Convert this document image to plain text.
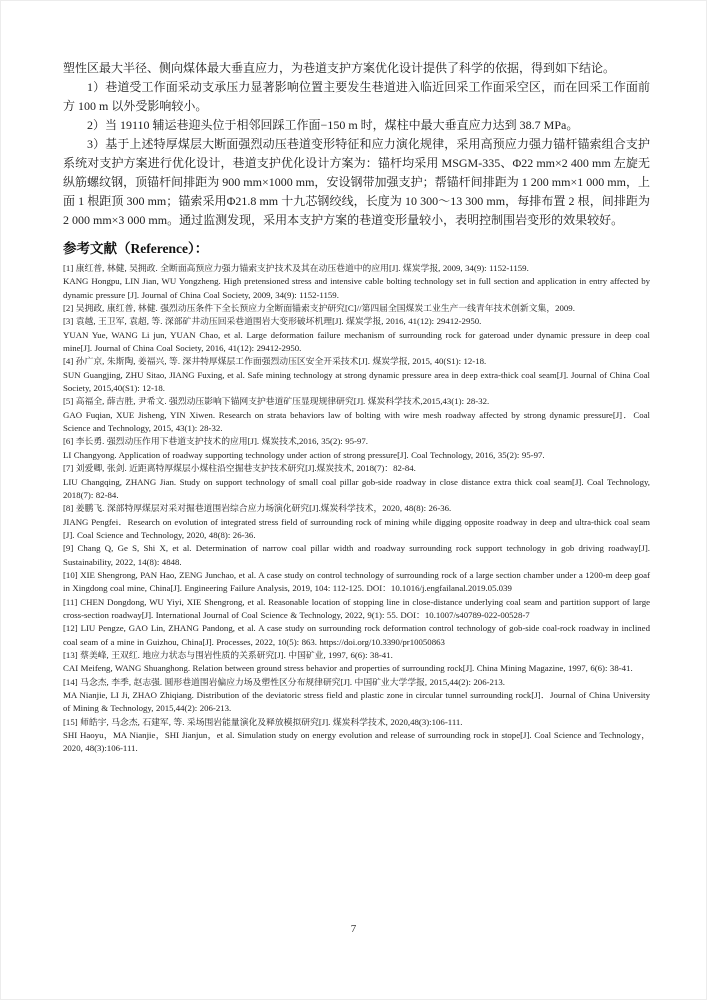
塑性区最大半径、侧向煤体最大垂直应力，为巷道支护方案优化设计提供了科学的依据，得到如下结论。

1）巷道受工作面采动支承压力显著影响位置主要发生巷道进入临近回采工作面采空区，而在回采工作面前方 100 m 以外受影响较小。

2）当 19110 辅运巷迎头位于相邻回踩工作面−150 m 时，煤柱中最大垂直应力达到 38.7 MPa。

3）基于上述特厚煤层大断面强烈动压巷道变形特征和应力演化规律，采用高预应力强力锚杆锚索组合支护系统对支护方案进行优化设计，巷道支护优化设计方案为：锚杆均采用 MSGM-335、Φ22 mm×2 400 mm 左旋无纵筋螺纹钢，顶锚杆间排距为 900 mm×1000 mm，安设钢带加强支护；帮锚杆间排距为 1 200 mm×1 000 mm，上面 1 根距顶 300 mm；锚索采用Φ21.8 mm 十九芯钢绞线，长度为 10 300～13 300 mm，每排布置 2 根，间排距为 2 000 mm×3 000 mm。通过监测发现，采用本支护方案的巷道变形量较小，表明控制围岩变形的效果较好。

参考文献（Reference）：

[1] 康红普, 林健, 吴拥政. 全断面高预应力强力锚索支护技术及其在动压巷道中的应用[J]. 煤炭学报, 2009, 34(9): 1152-1159.

KANG Hongpu, LIN Jian, WU Yongzheng. High pretensioned stress and intensive cable bolting technology set in full section and application in entry affected by dynamic pressure [J]. Journal of China Coal Society, 2009, 34(9): 1152-1159.

[2] 吴拥政, 康红普, 林健. 强烈动压条件下全长预应力全断面锚索支护研究[C]//第四届全国煤炭工业生产一线青年技术创新文集，2009.

[3] 袁越, 王卫军, 袁超, 等. 深部矿井动压回采巷道围岩大变形破坏机理[J]. 煤炭学报, 2016, 41(12): 29412-2950.

YUAN Yue, WANG Li jun, YUAN Chao, et al. Large deformation failure mechanism of surrounding rock for gateroad under dynamic pressure in deep coal mine[J]. Journal of China Coal Society, 2016, 41(12): 29412-2950.

[4] 孙广京, 朱斯陶, 姜福兴, 等. 深井特厚煤层工作面强烈动压区安全开采技术[J]. 煤炭学报, 2015, 40(S1): 12-18.

SUN Guangjing, ZHU Sitao, JIANG Fuxing, et al. Safe mining technology at strong dynamic pressure area in deep extra-thick coal seam[J]. Journal of China Coal Society, 2015,40(S1): 12-18.

[5] 高福全, 薛吉胜, 尹希文. 强烈动压影响下锚网支护巷道矿压显现规律研究[J]. 煤炭科学技术,2015,43(1): 28-32.

GAO Fuqian, XUE Jisheng, YIN Xiwen. Research on strata behaviors law of bolting with wire mesh roadway affected by strong dynamic pressure[J]．Coal Science and Technology, 2015, 43(1): 28-32.

[6] 李长勇. 强烈动压作用下巷道支护技术的应用[J]. 煤炭技术,2016, 35(2): 95-97.

LI Changyong. Application of roadway supporting technology under action of strong pressure[J]. Coal Technology, 2016, 35(2): 95-97.

[7] 刘爱卿, 张剑. 近距离特厚煤层小煤柱沿空掘巷支护技术研究[J].煤炭技术, 2018(7)：82-84.

LIU Changqing, ZHANG Jian. Study on support technology of small coal pillar gob-side roadway in close distance extra thick coal seam[J]. Coal Technology, 2018(7): 82-84.

[8] 姜鹏飞. 深部特厚煤层对采对掘巷道围岩综合应力场演化研究[J].煤炭科学技术，2020, 48(8): 26-36.

JIANG Pengfei．Research on evolution of integrated stress field of surrounding rock of mining while digging opposite roadway in deep and ultra-thick coal seam [J]. Coal Science and Technology, 2020, 48(8): 26-36.

[9] Chang Q, Ge S, Shi X, et al. Determination of narrow coal pillar width and roadway surrounding rock support technology in gob driving roadway[J]. Sustainability, 2022, 14(8): 4848.

[10] XIE Shengrong, PAN Hao, ZENG Junchao, et al. A case study on control technology of surrounding rock of a large section chamber under a 1200-m deep goaf in Xingdong coal mine, China[J]. Engineering Failure Analysis, 2019, 104: 112-125. DOI：10.1016/j.engfailanal.2019.05.039

[11] CHEN Dongdong, WU Yiyi, XIE Shengrong, et al. Reasonable location of stopping line in close-distance underlying coal seam and partition support of large cross-section roadway[J]. International Journal of Coal Science & Technology, 2022, 9(1): 55. DOI：10.1007/s40789-022-00528-7

[12] LIU Pengze, GAO Lin, ZHANG Pandong, et al. A case study on surrounding rock deformation control technology of gob-side coal-rock roadway in inclined coal seam of a mine in Guizhou, China[J]. Processes, 2022, 10(5): 863. https://doi.org/10.3390/pr10050863

[13] 蔡美峰, 王双红. 地应力状态与围岩性质的关系研究[J]. 中国矿业, 1997, 6(6): 38-41.

CAI Meifeng, WANG Shuanghong. Relation between ground stress behavior and properties of surrounding rock[J]. China Mining Magazine, 1997, 6(6): 38-41.

[14] 马念杰, 李季, 赵志强. 圆形巷道围岩偏应力场及塑性区分布规律研究[J]. 中国矿业大学学报, 2015,44(2): 206-213.

MA Nianjie, LI Ji, ZHAO Zhiqiang. Distribution of the deviatoric stress field and plastic zone in circular tunnel surrounding rock[J]．Journal of China University of Mining & Technology, 2015,44(2): 206-213.

[15] 师皓宇, 马念杰, 石建军, 等. 采场围岩能量演化及释放模拟研究[J]. 煤炭科学技术, 2020,48(3):106-111.

SHI Haoyu，MA Nianjie，SHI Jianjun，et al. Simulation study on energy evolution and release of surrounding rock in stope[J]. Coal Science and Technology，2020, 48(3):106-111.

7
